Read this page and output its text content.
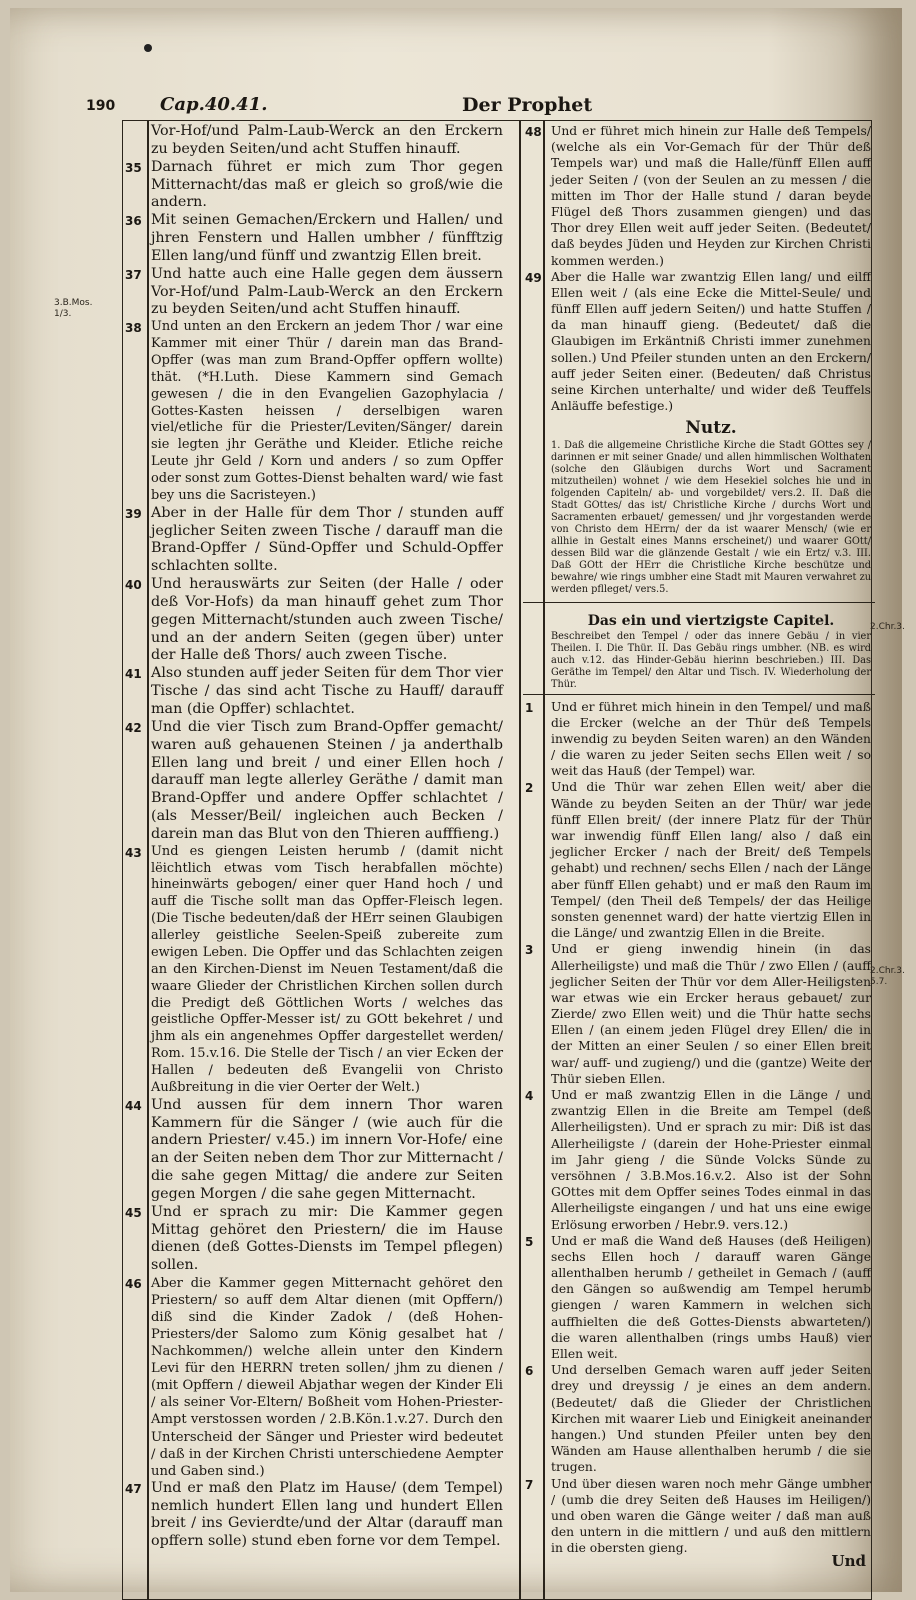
190 Cap.40.41.	Der Prophet
3.B.Mos. 1/3.
2.Chr.3.
2.Chr.3. 5.7.

Vor-Hof/und Palm-Laub-Werck an den Erckern zu beyden Seiten/und acht Stuffen hinauff.

35 Darnach führet er mich zum Thor gegen Mitternacht/das maß er gleich so groß/wie die andern.

36 Mit seinen Gemachen/Erckern und Hallen/ und jhren Fenstern und Hallen umbher / fünfftzig Ellen lang/und fünff und zwantzig Ellen breit.

37 Und hatte auch eine Halle gegen dem äussern Vor-Hof/und Palm-Laub-Werck an den Erckern zu beyden Seiten/und acht Stuffen hinauff.

38 Und unten an den Erckern an jedem Thor / war eine Kammer mit einer Thür / darein man das Brand-Opffer (was man zum Brand-Opffer opffern wollte) thät. (*H.Luth. Diese Kammern sind Gemach gewesen / die in den Evangelien Gazophylacia / Gottes-Kasten heissen / derselbigen waren viel/etliche für die Priester/Leviten/Sänger/ darein sie legten jhr Geräthe und Kleider. Etliche reiche Leute jhr Geld / Korn und anders / so zum Opffer oder sonst zum Gottes-Dienst behalten ward/ wie fast bey uns die Sacristeyen.)

39 Aber in der Halle für dem Thor / stunden auff jeglicher Seiten zween Tische / darauff man die Brand-Opffer / Sünd-Opffer und Schuld-Opffer schlachten sollte.

40 Und herauswärts zur Seiten (der Halle / oder deß Vor-Hofs) da man hinauff gehet zum Thor gegen Mitternacht/stunden auch zween Tische/ und an der andern Seiten (gegen über) unter der Halle deß Thors/ auch zween Tische.

41 Also stunden auff jeder Seiten für dem Thor vier Tische / das sind acht Tische zu Hauff/ darauff man (die Opffer) schlachtet.

42 Und die vier Tisch zum Brand-Opffer gemacht/ waren auß gehauenen Steinen / ja anderthalb Ellen lang und breit / und einer Ellen hoch / darauff man legte allerley Geräthe / damit man Brand-Opffer und andere Opffer schlachtet / (als Messer/Beil/ ingleichen auch Becken / darein man das Blut von den Thieren aufffieng.)

43 Und es giengen Leisten herumb / (damit nicht lëichtlich etwas vom Tisch herabfallen möchte) hineinwärts gebogen/ einer quer Hand hoch / und auff die Tische sollt man das Opffer-Fleisch legen. (Die Tische bedeuten/daß der HErr seinen Glaubigen allerley geistliche Seelen-Speiß zubereite zum ewigen Leben. Die Opffer und das Schlachten zeigen an den Kirchen-Dienst im Neuen Testament/daß die waare Glieder der Christlichen Kirchen sollen durch die Predigt deß Göttlichen Worts / welches das geistliche Opffer-Messer ist/ zu GOtt bekehret / und jhm als ein angenehmes Opffer dargestellet werden/ Rom. 15.v.16. Die Stelle der Tisch / an vier Ecken der Hallen / bedeuten deß Evangelii von Christo Außbreitung in die vier Oerter der Welt.)

44 Und aussen für dem innern Thor waren Kammern für die Sänger / (wie auch für die andern Priester/ v.45.) im innern Vor-Hofe/ eine an der Seiten neben dem Thor zur Mitternacht / die sahe gegen Mittag/ die andere zur Seiten gegen Morgen / die sahe gegen Mitternacht.

45 Und er sprach zu mir: Die Kammer gegen Mittag gehöret den Priestern/ die im Hause dienen (deß Gottes-Diensts im Tempel pflegen) sollen.

46 Aber die Kammer gegen Mitternacht gehöret den Priestern/ so auff dem Altar dienen (mit Opffern/) diß sind die Kinder Zadok / (deß Hohen-Priesters/der Salomo zum König gesalbet hat / Nachkommen/) welche allein unter den Kindern Levi für den HERRN treten sollen/ jhm zu dienen / (mit Opffern / dieweil Abjathar wegen der Kinder Eli / als seiner Vor-Eltern/ Boßheit vom Hohen-Priester-Ampt verstossen worden / 2.B.Kön.1.v.27. Durch den Unterscheid der Sänger und Priester wird bedeutet / daß in der Kirchen Christi unterschiedene Aempter und Gaben sind.)

47 Und er maß den Platz im Hause/ (dem Tempel) nemlich hundert Ellen lang und hundert Ellen breit / ins Gevierdte/und der Altar (darauff man opffern solle) stund eben forne vor dem Tempel.

48 Und er führet mich hinein zur Halle deß Tempels/ (welche als ein Vor-Gemach für der Thür deß Tempels war) und maß die Halle/fünff Ellen auff jeder Seiten / (von der Seulen an zu messen / die mitten im Thor der Halle stund / daran beyde Flügel deß Thors zusammen giengen) und das Thor drey Ellen weit auff jeder Seiten. (Bedeutet/ daß beydes Jüden und Heyden zur Kirchen Christi kommen werden.)

49 Aber die Halle war zwantzig Ellen lang/ und eilff Ellen weit / (als eine Ecke die Mittel-Seule/ und fünff Ellen auff jedern Seiten/) und hatte Stuffen / da man hinauff gieng. (Bedeutet/ daß die Glaubigen im Erkäntniß Christi immer zunehmen sollen.) Und Pfeiler stunden unten an den Erckern/ auff jeder Seiten einer. (Bedeuten/ daß Christus seine Kirchen unterhalte/ und wider deß Teuffels Anläuffe befestige.)

Nutz.

1. Daß die allgemeine Christliche Kirche die Stadt GOttes sey / darinnen er mit seiner Gnade/ und allen himmlischen Wolthaten (solche den Gläubigen durchs Wort und Sacrament mitzutheilen) wohnet / wie dem Hesekiel solches hie und in folgenden Capiteln/ ab- und vorgebildet/ vers.2. II. Daß die Stadt GOttes/ das ist/ Christliche Kirche / durchs Wort und Sacramenten erbauet/ gemessen/ und jhr vorgestanden werde von Christo dem HErrn/ der da ist waarer Mensch/ (wie er allhie in Gestalt eines Manns erscheinet/) und waarer GOtt/ dessen Bild war die glänzende Gestalt / wie ein Ertz/ v.3. III. Daß GOtt der HErr die Christliche Kirche beschütze und bewahre/ wie rings umbher eine Stadt mit Mauren verwahret zu werden pflleget/ vers.5.

Das ein und viertzigste Capitel.

Beschreibet den Tempel / oder das innere Gebäu / in vier Theilen. I. Die Thür. II. Das Gebäu rings umbher. (NB. es wird auch v.12. das Hinder-Gebäu hierinn beschrieben.) III. Das Geräthe im Tempel/ den Altar und Tisch. IV. Wiederholung der Thür.

1 Und er führet mich hinein in den Tempel/ und maß die Ercker (welche an der Thür deß Tempels inwendig zu beyden Seiten waren) an den Wänden / die waren zu jeder Seiten sechs Ellen weit / so weit das Hauß (der Tempel) war.

2 Und die Thür war zehen Ellen weit/ aber die Wände zu beyden Seiten an der Thür/ war jede fünff Ellen breit/ (der innere Platz für der Thür war inwendig fünff Ellen lang/ also / daß ein jeglicher Ercker / nach der Breit/ deß Tempels gehabt) und rechnen/ sechs Ellen / nach der Länge aber fünff Ellen gehabt) und er maß den Raum im Tempel/ (den Theil deß Tempels/ der das Heilige sonsten genennet ward) der hatte viertzig Ellen in die Länge/ und zwantzig Ellen in die Breite.

3 Und er gieng inwendig hinein (in das Allerheiligste) und maß die Thür / zwo Ellen / (auff jeglicher Seiten der Thür vor dem Aller-Heiligsten war etwas wie ein Ercker heraus gebauet/ zur Zierde/ zwo Ellen weit) und die Thür hatte sechs Ellen / (an einem jeden Flügel drey Ellen/ die in der Mitten an einer Seulen / so einer Ellen breit war/ auff- und zugieng/) und die (gantze) Weite der Thür sieben Ellen.

4 Und er maß zwantzig Ellen in die Länge / und zwantzig Ellen in die Breite am Tempel (deß Allerheiligsten). Und er sprach zu mir: Diß ist das Allerheiligste / (darein der Hohe-Priester einmal im Jahr gieng / die Sünde Volcks Sünde zu versöhnen / 3.B.Mos.16.v.2. Also ist der Sohn GOttes mit dem Opffer seines Todes einmal in das Allerheiligste eingangen / und hat uns eine ewige Erlösung erworben / Hebr.9. vers.12.)

5 Und er maß die Wand deß Hauses (deß Heiligen) sechs Ellen hoch / darauff waren Gänge allenthalben herumb / getheilet in Gemach / (auff den Gängen so außwendig am Tempel herumb giengen / waren Kammern in welchen sich auffhielten die deß Gottes-Diensts abwarteten/) die waren allenthalben (rings umbs Hauß) vier Ellen weit.

6 Und derselben Gemach waren auff jeder Seiten drey und dreyssig / je eines an dem andern. (Bedeutet/ daß die Glieder der Christlichen Kirchen mit waarer Lieb und Einigkeit aneinander hangen.) Und stunden Pfeiler unten bey den Wänden am Hause allenthalben herumb / die sie trugen.

7 Und über diesen waren noch mehr Gänge umbher / (umb die drey Seiten deß Hauses im Heiligen/) und oben waren die Gänge weiter / daß man auß den untern in die mittlern / und auß den mittlern in die obersten gieng.

Und
